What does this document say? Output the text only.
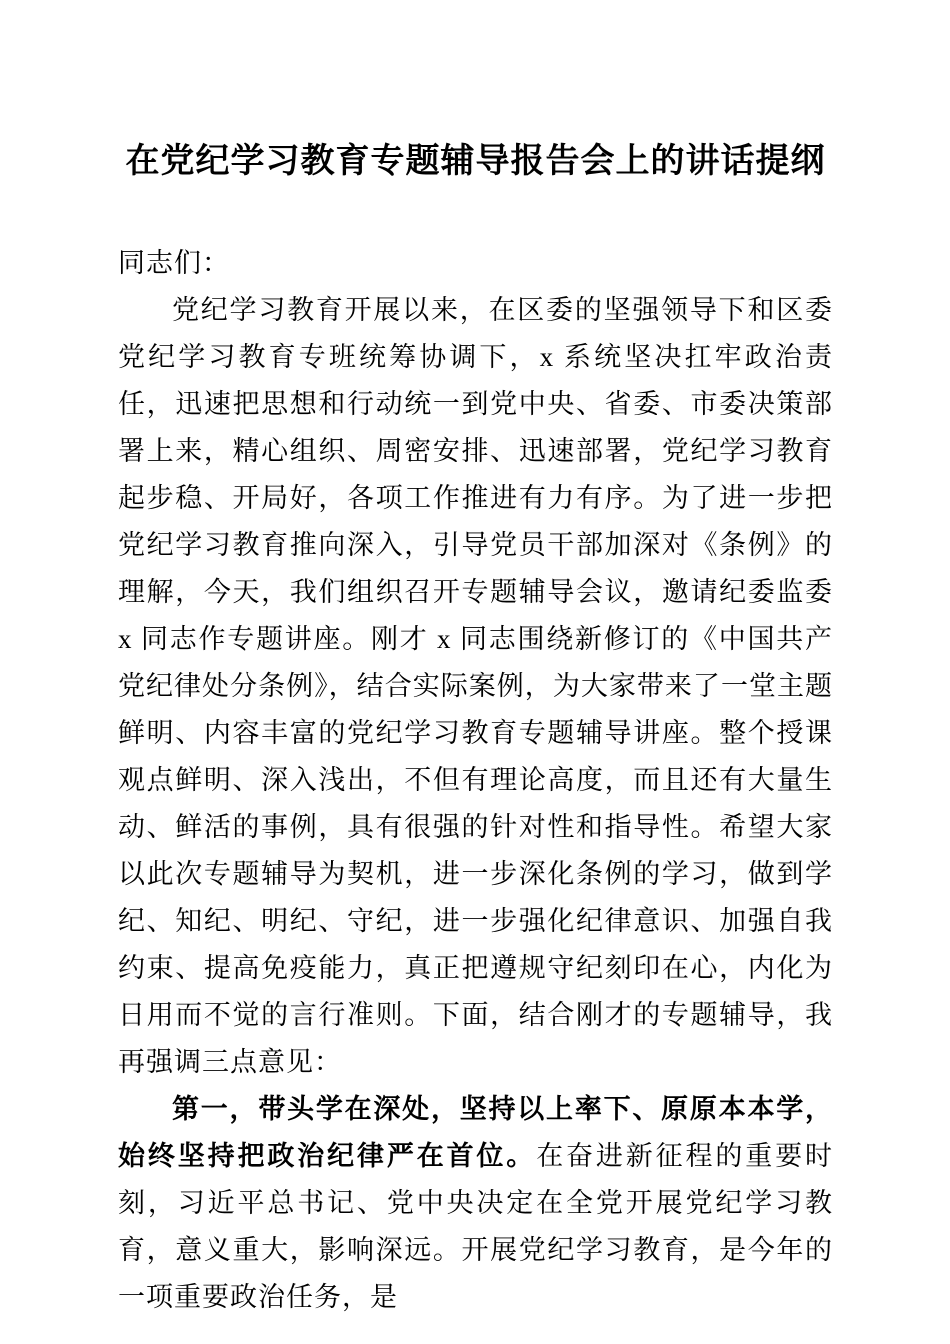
在党纪学习教育专题辅导报告会上的讲话提纲

同志们：

党纪学习教育开展以来，在区委的坚强领导下和区委党纪学习教育专班统筹协调下，x 系统坚决扛牢政治责任，迅速把思想和行动统一到党中央、省委、市委决策部署上来，精心组织、周密安排、迅速部署，党纪学习教育起步稳、开局好，各项工作推进有力有序。为了进一步把党纪学习教育推向深入，引导党员干部加深对《条例》的理解，今天，我们组织召开专题辅导会议，邀请纪委监委 x 同志作专题讲座。刚才 x 同志围绕新修订的《中国共产党纪律处分条例》，结合实际案例，为大家带来了一堂主题鲜明、内容丰富的党纪学习教育专题辅导讲座。整个授课观点鲜明、深入浅出，不但有理论高度，而且还有大量生动、鲜活的事例，具有很强的针对性和指导性。希望大家以此次专题辅导为契机，进一步深化条例的学习，做到学纪、知纪、明纪、守纪，进一步强化纪律意识、加强自我约束、提高免疫能力，真正把遵规守纪刻印在心，内化为日用而不觉的言行准则。下面，结合刚才的专题辅导，我再强调三点意见：

第一，带头学在深处，坚持以上率下、原原本本学，始终坚持把政治纪律严在首位。在奋进新征程的重要时刻，习近平总书记、党中央决定在全党开展党纪学习教育，意义重大，影响深远。开展党纪学习教育，是今年的一项重要政治任务，是
